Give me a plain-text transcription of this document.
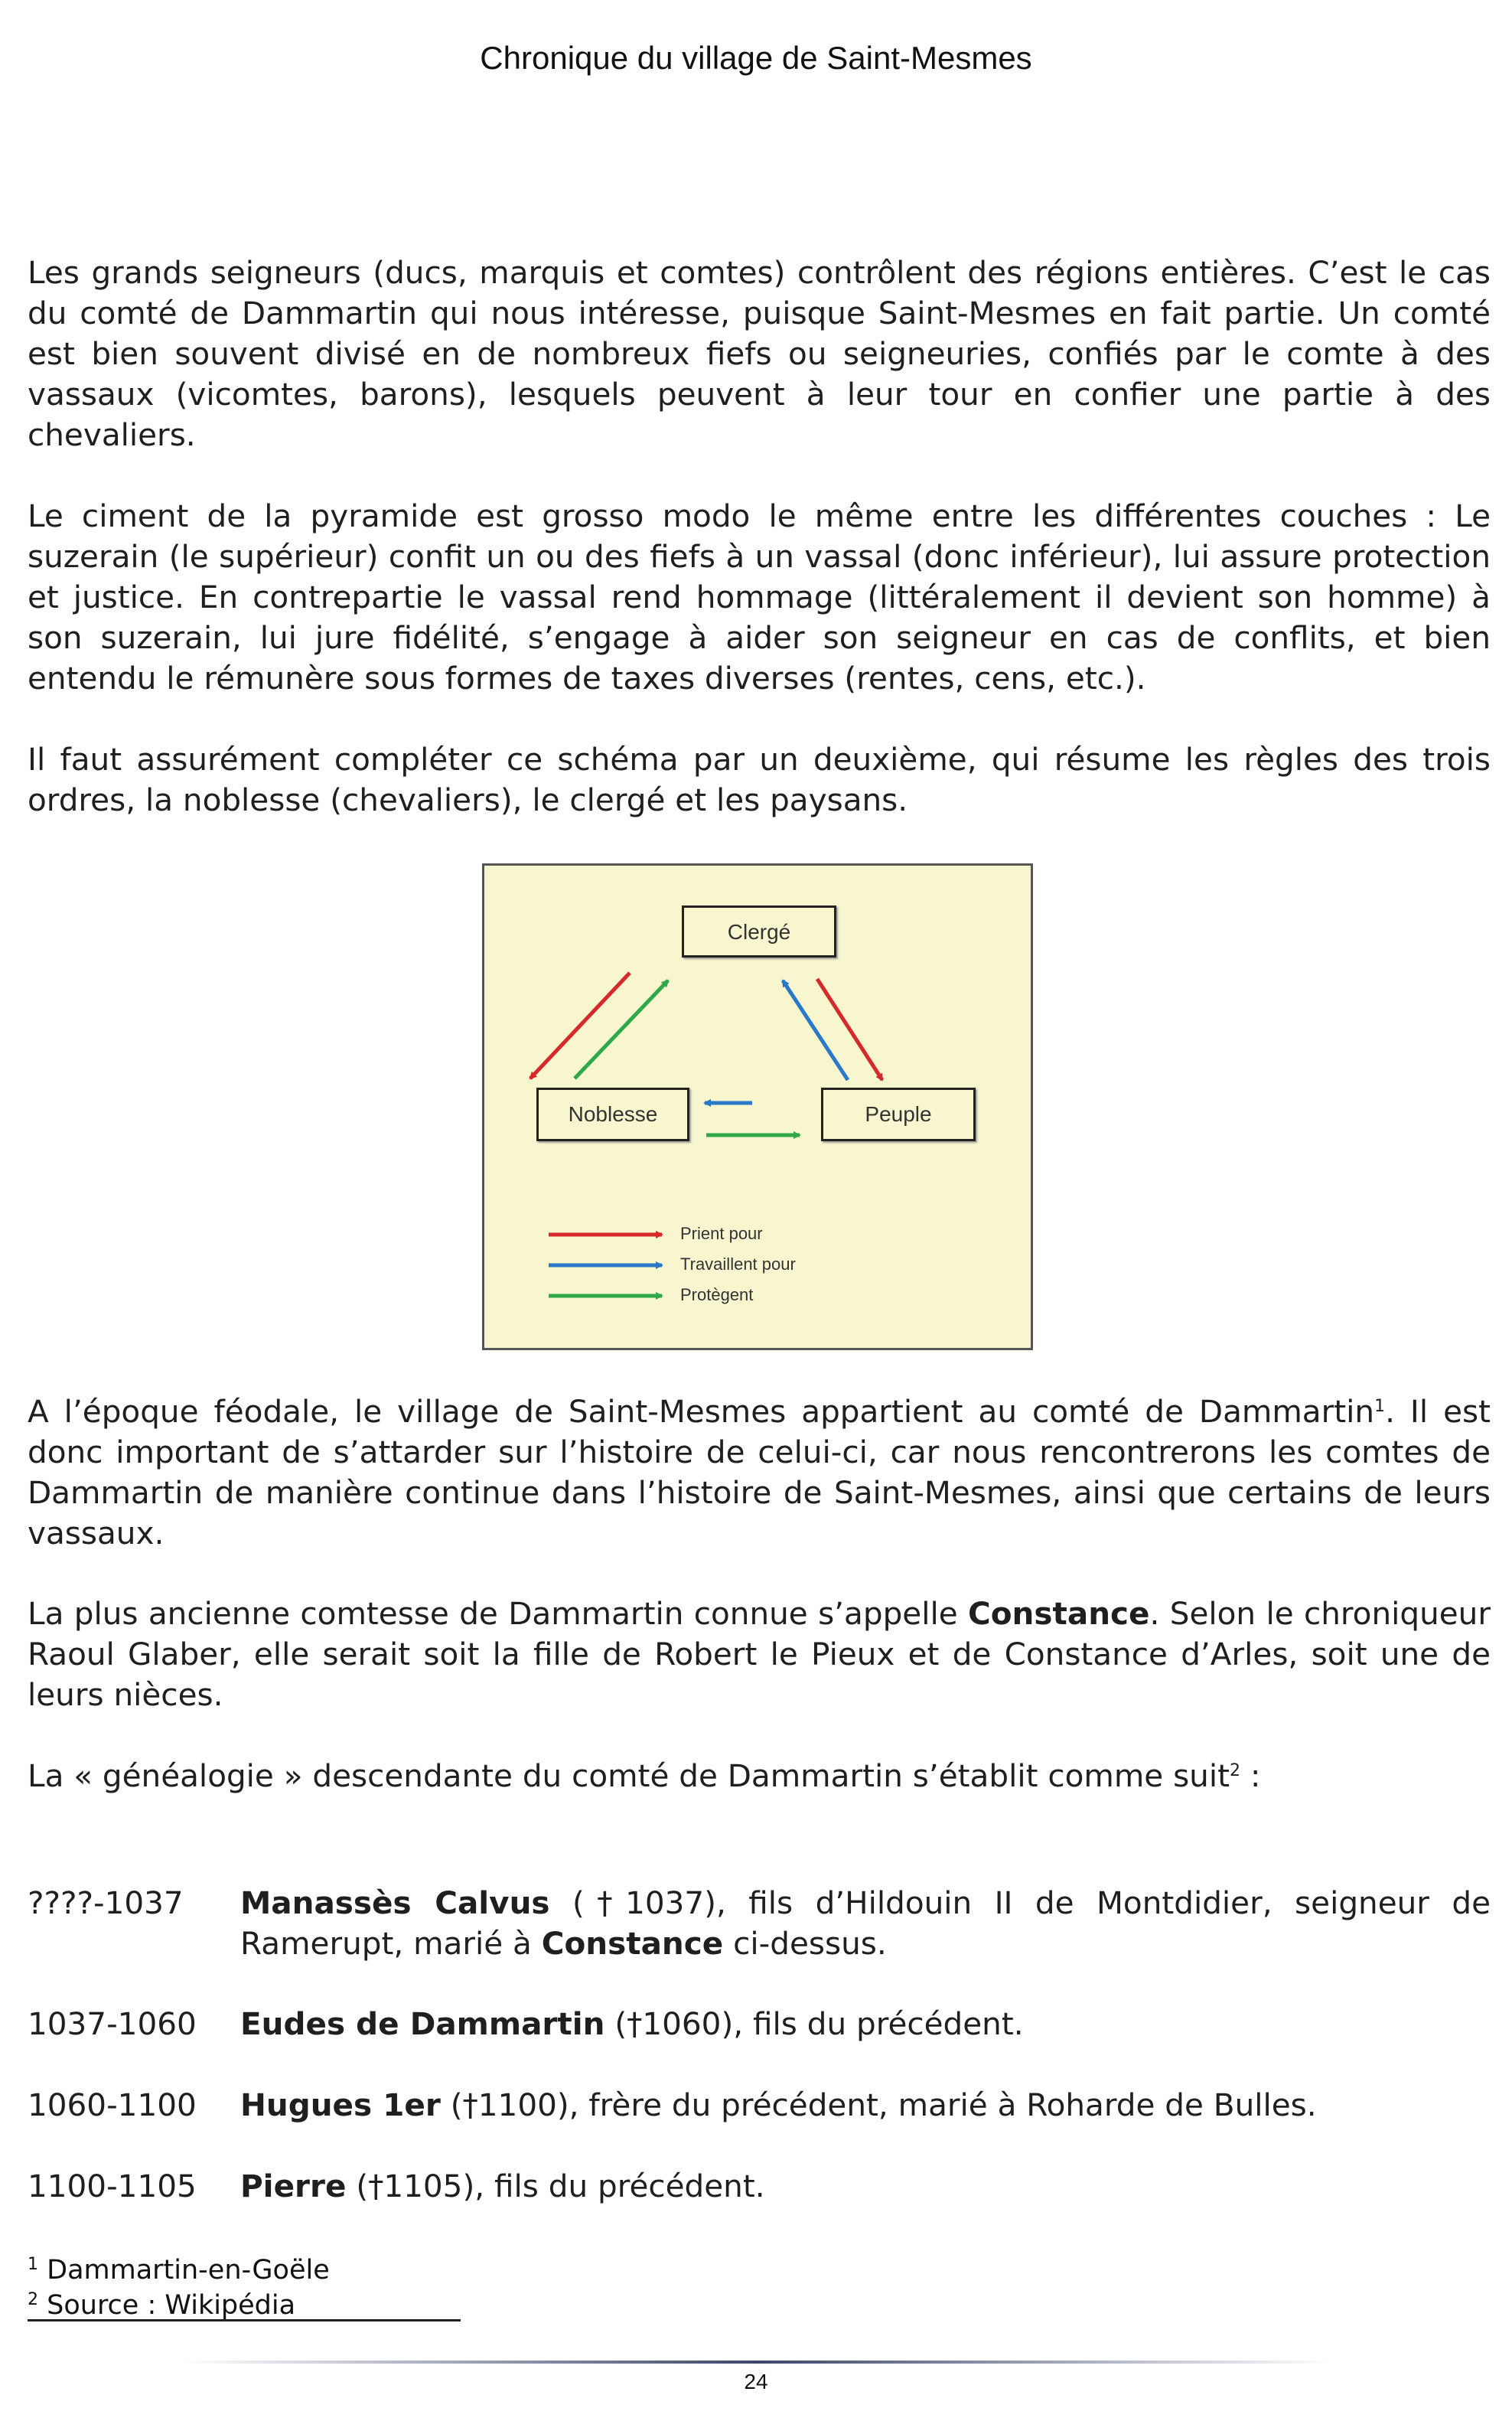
Chronique du village de Saint-Mesmes

Les grands seigneurs (ducs, marquis et comtes) contrôlent des régions entières. C’est le cas du comté de Dammartin qui nous intéresse, puisque Saint-Mesmes en fait partie. Un comté est bien souvent divisé en de nombreux fiefs ou seigneuries, confiés par le comte à des vassaux (vicomtes, barons), lesquels peuvent à leur tour en confier une partie à des chevaliers.

Le ciment de la pyramide est grosso modo le même entre les différentes couches : Le suzerain (le supérieur) confit un ou des fiefs à un vassal (donc inférieur), lui assure protection et justice. En contrepartie le vassal rend hommage (littéralement il devient son homme) à son suzerain, lui jure fidélité, s’engage à aider son seigneur en cas de conflits, et bien entendu le rémunère sous formes de taxes diverses (rentes, cens, etc.).

Il faut assurément compléter ce schéma par un deuxième, qui résume les règles des trois ordres, la noblesse (chevaliers), le clergé et les paysans.

Clergé
Noblesse	Peuple
Prient pour
Travaillent pour
Protègent

A l’époque féodale, le village de Saint-Mesmes appartient au comté de Dammartin$^1$. Il est donc important de s’attarder sur l’histoire de celui-ci, car nous rencontrerons les comtes de Dammartin de manière continue dans l’histoire de Saint-Mesmes, ainsi que certains de leurs vassaux.

La plus ancienne comtesse de Dammartin connue s’appelle Constance. Selon le chroniqueur Raoul Glaber, elle serait soit la fille de Robert le Pieux et de Constance d’Arles, soit une de leurs nièces.

La « généalogie » descendante du comté de Dammartin s’établit comme suit$^2$ :

????-1037	Manassès Calvus (†1037), fils d’Hildouin II de Montdidier, seigneur de Ramerupt, marié à Constance ci-dessus.
1037-1060	Eudes de Dammartin (†1060), fils du précédent.
1060-1100	Hugues 1er (†1100), frère du précédent, marié à Roharde de Bulles.
1100-1105	Pierre (†1105), fils du précédent.
$^1$ Dammartin-en-Goële
$^2$ Source : Wikipédia
24
